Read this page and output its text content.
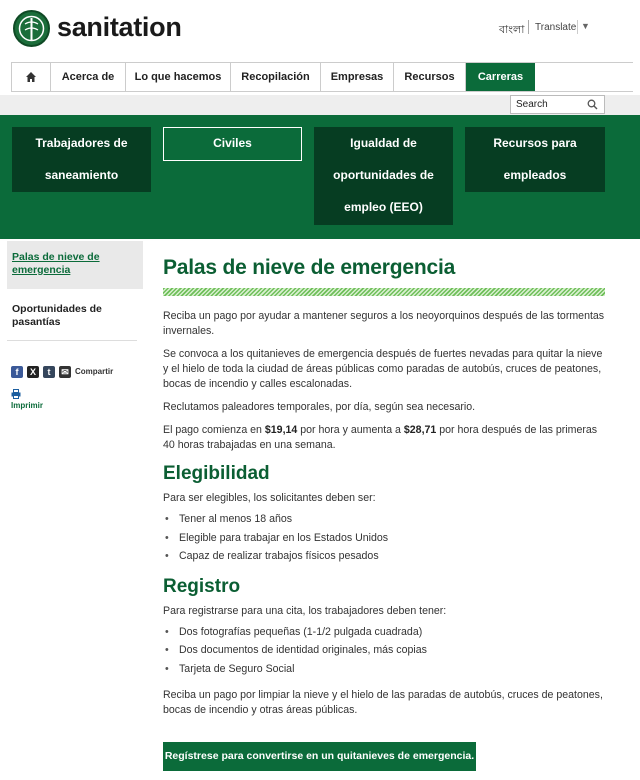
sanitation	বাংলা Translate ▼
Acerca de	Lo que hacemos	Recopilación	Empresas	Recursos	Carreras
Search
Trabajadores de saneamiento
Civiles	Igualdad de oportunidades de empleo (EEO)
Recursos para empleados
Palas de nieve de emergencia
Oportunidades de pasantías
f	X	t	✉ Compartir
Imprimir
Palas de nieve de emergencia

Reciba un pago por ayudar a mantener seguros a los neoyorquinos después de las tormentas invernales.

Se convoca a los quitanieves de emergencia después de fuertes nevadas para quitar la nieve y el hielo de toda la ciudad de áreas públicas como paradas de autobús, cruces de peatones, bocas de incendio y calles escalonadas.

Reclutamos paleadores temporales, por día, según sea necesario.

El pago comienza en $19,14 por hora y aumenta a $28,71 por hora después de las primeras 40 horas trabajadas en una semana.

Elegibilidad

Para ser elegibles, los solicitantes deben ser:

• Tener al menos 18 años
• Elegible para trabajar en los Estados Unidos
• Capaz de realizar trabajos físicos pesados
Registro

Para registrarse para una cita, los trabajadores deben tener:

• Dos fotografías pequeñas (1-1/2 pulgada cuadrada)
• Dos documentos de identidad originales, más copias
• Tarjeta de Seguro Social

Reciba un pago por limpiar la nieve y el hielo de las paradas de autobús, cruces de peatones, bocas de incendio y otras áreas públicas.

Regístrese para convertirse en un quitanieves de emergencia.
